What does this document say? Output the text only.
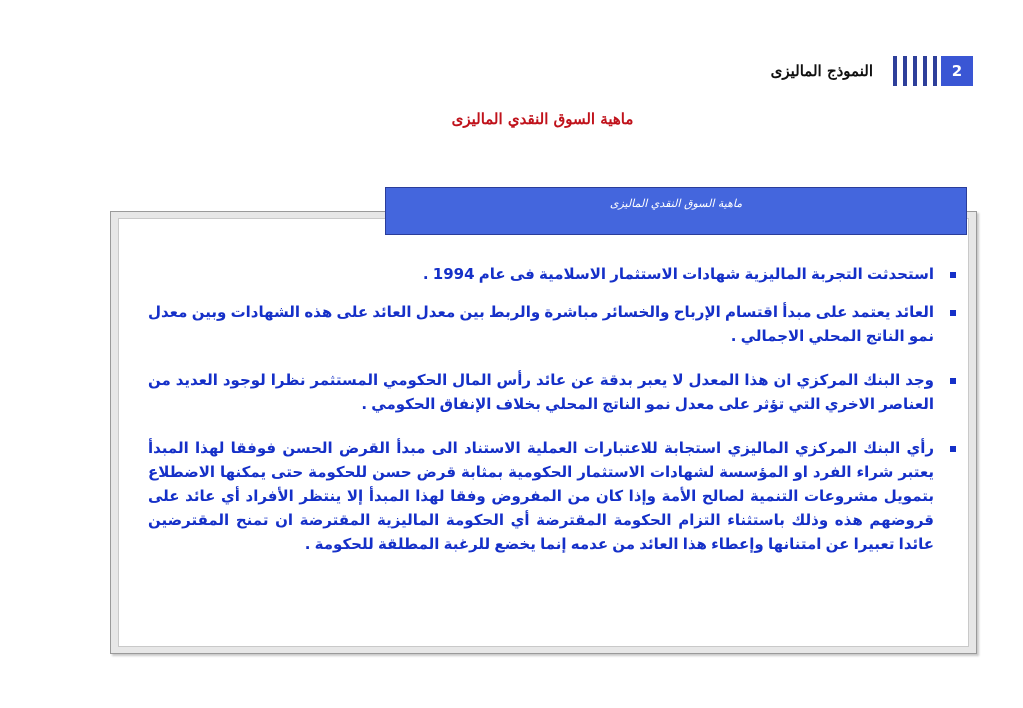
النموذج الماليزى	2
ماهية السوق النقدي الماليزى
ماهية السوق النقدي الماليزى
استحدثت التجربة الماليزية شهادات الاستثمار الاسلامية فى عام 1994 .
العائد يعتمد على مبدأ اقتسام الإرباح والخسائر مباشرة والربط بين معدل العائد على هذه الشهادات وبين معدل نمو الناتج المحلي الاجمالي .
وجد البنك المركزي ان هذا المعدل لا يعبر بدقة عن عائد رأس المال الحكومي المستثمر نظرا لوجود العديد من العناصر الاخري التي تؤثر على معدل نمو الناتج المحلي بخلاف الإنفاق الحكومي .
رأي البنك المركزي الماليزي استجابة للاعتبارات العملية الاستناد الى مبدأ القرض الحسن فوفقا لهذا المبدأ يعتبر شراء الفرد او المؤسسة لشهادات الاستثمار الحكومية بمثابة قرض حسن للحكومة حتى يمكنها الاضطلاع بتمويل مشروعات التنمية لصالح الأمة وإذا كان من المفروض وفقا لهذا المبدأ إلا ينتظر الأفراد أي عائد على قروضهم هذه وذلك باستثناء التزام الحكومة المقترضة أي الحكومة الماليزية المقترضة ان تمنح المقترضين عائدا تعبيرا عن امتنانها وإعطاء هذا العائد من عدمه إنما يخضع للرغبة المطلقة للحكومة .
